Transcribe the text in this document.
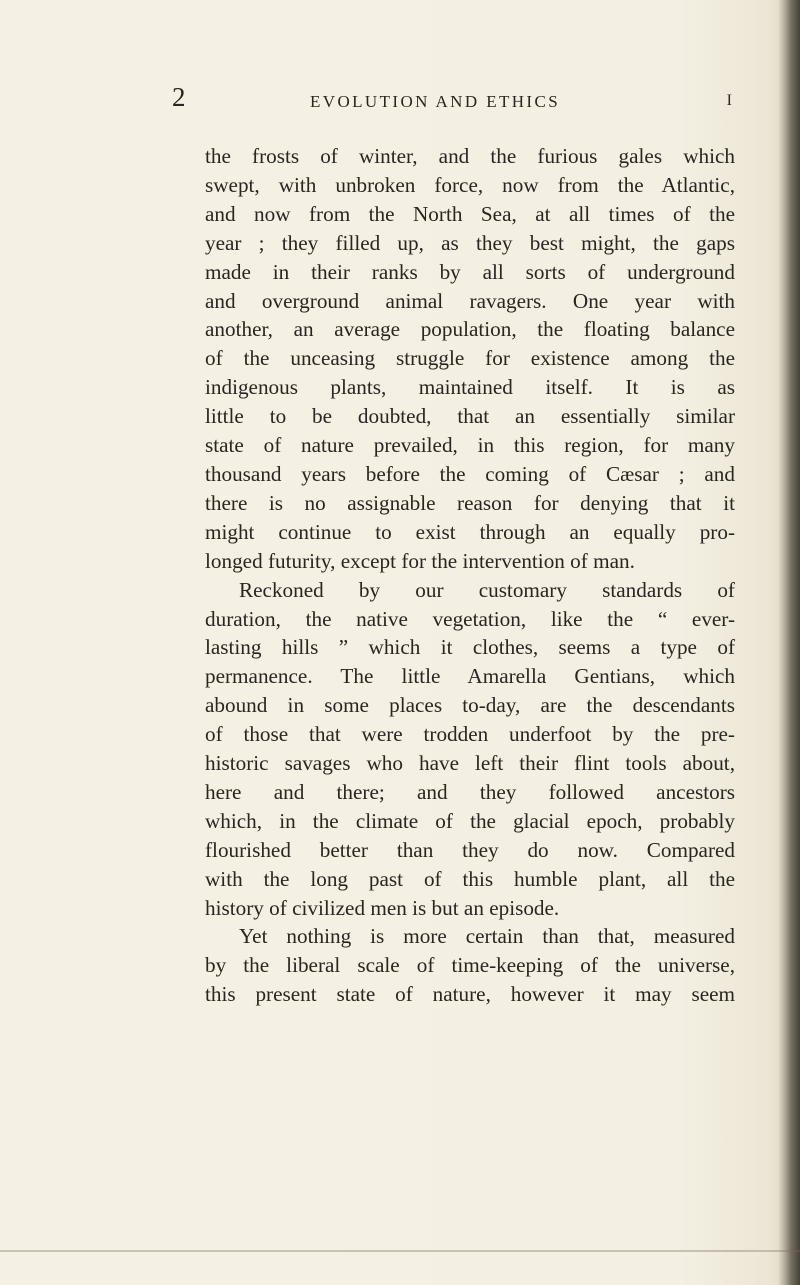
2	EVOLUTION AND ETHICS	I
the frosts of winter, and the furious gales which
swept, with unbroken force, now from the Atlantic,
and now from the North Sea, at all times of the
year ; they filled up, as they best might, the gaps
made in their ranks by all sorts of underground
and overground animal ravagers. One year with
another, an average population, the floating balance
of the unceasing struggle for existence among the
indigenous plants, maintained itself. It is as
little to be doubted, that an essentially similar
state of nature prevailed, in this region, for many
thousand years before the coming of Cæsar ; and
there is no assignable reason for denying that it
might continue to exist through an equally pro-
longed futurity, except for the intervention of man.
Reckoned by our customary standards of
duration, the native vegetation, like the “ ever-
lasting hills ” which it clothes, seems a type of
permanence. The little Amarella Gentians, which
abound in some places to-day, are the descendants
of those that were trodden underfoot by the pre-
historic savages who have left their flint tools about,
here and there; and they followed ancestors
which, in the climate of the glacial epoch, probably
flourished better than they do now. Compared
with the long past of this humble plant, all the
history of civilized men is but an episode.
Yet nothing is more certain than that, measured
by the liberal scale of time-keeping of the universe,
this present state of nature, however it may seem
